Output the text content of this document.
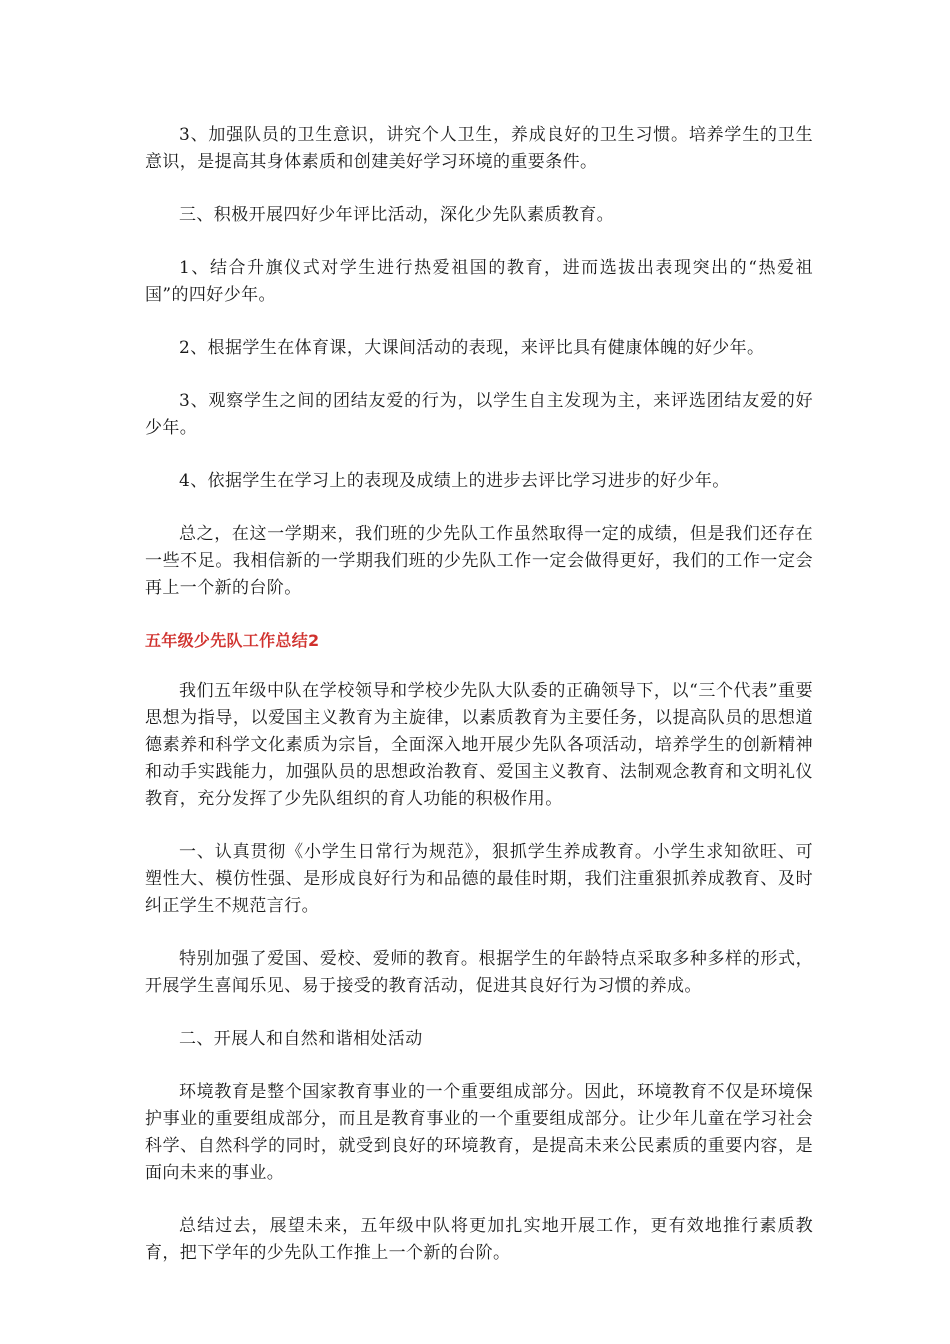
3、加强队员的卫生意识，讲究个人卫生，养成良好的卫生习惯。培养学生的卫生意识，是提高其身体素质和创建美好学习环境的重要条件。

三、积极开展四好少年评比活动，深化少先队素质教育。

1、结合升旗仪式对学生进行热爱祖国的教育，进而选拔出表现突出的“热爱祖国”的四好少年。

2、根据学生在体育课，大课间活动的表现，来评比具有健康体魄的好少年。

3、观察学生之间的团结友爱的行为，以学生自主发现为主，来评选团结友爱的好少年。

4、依据学生在学习上的表现及成绩上的进步去评比学习进步的好少年。

总之，在这一学期来，我们班的少先队工作虽然取得一定的成绩，但是我们还存在一些不足。我相信新的一学期我们班的少先队工作一定会做得更好，我们的工作一定会再上一个新的台阶。

五年级少先队工作总结2

我们五年级中队在学校领导和学校少先队大队委的正确领导下，以“三个代表”重要思想为指导，以爱国主义教育为主旋律，以素质教育为主要任务，以提高队员的思想道德素养和科学文化素质为宗旨，全面深入地开展少先队各项活动，培养学生的创新精神和动手实践能力，加强队员的思想政治教育、爱国主义教育、法制观念教育和文明礼仪教育，充分发挥了少先队组织的育人功能的积极作用。

一、认真贯彻《小学生日常行为规范》，狠抓学生养成教育。小学生求知欲旺、可塑性大、模仿性强、是形成良好行为和品德的最佳时期，我们注重狠抓养成教育、及时纠正学生不规范言行。

特别加强了爱国、爱校、爱师的教育。根据学生的年龄特点采取多种多样的形式，开展学生喜闻乐见、易于接受的教育活动，促进其良好行为习惯的养成。

二、开展人和自然和谐相处活动

环境教育是整个国家教育事业的一个重要组成部分。因此，环境教育不仅是环境保护事业的重要组成部分，而且是教育事业的一个重要组成部分。让少年儿童在学习社会科学、自然科学的同时，就受到良好的环境教育，是提高未来公民素质的重要内容，是面向未来的事业。

总结过去，展望未来，五年级中队将更加扎实地开展工作，更有效地推行素质教育，把下学年的少先队工作推上一个新的台阶。
